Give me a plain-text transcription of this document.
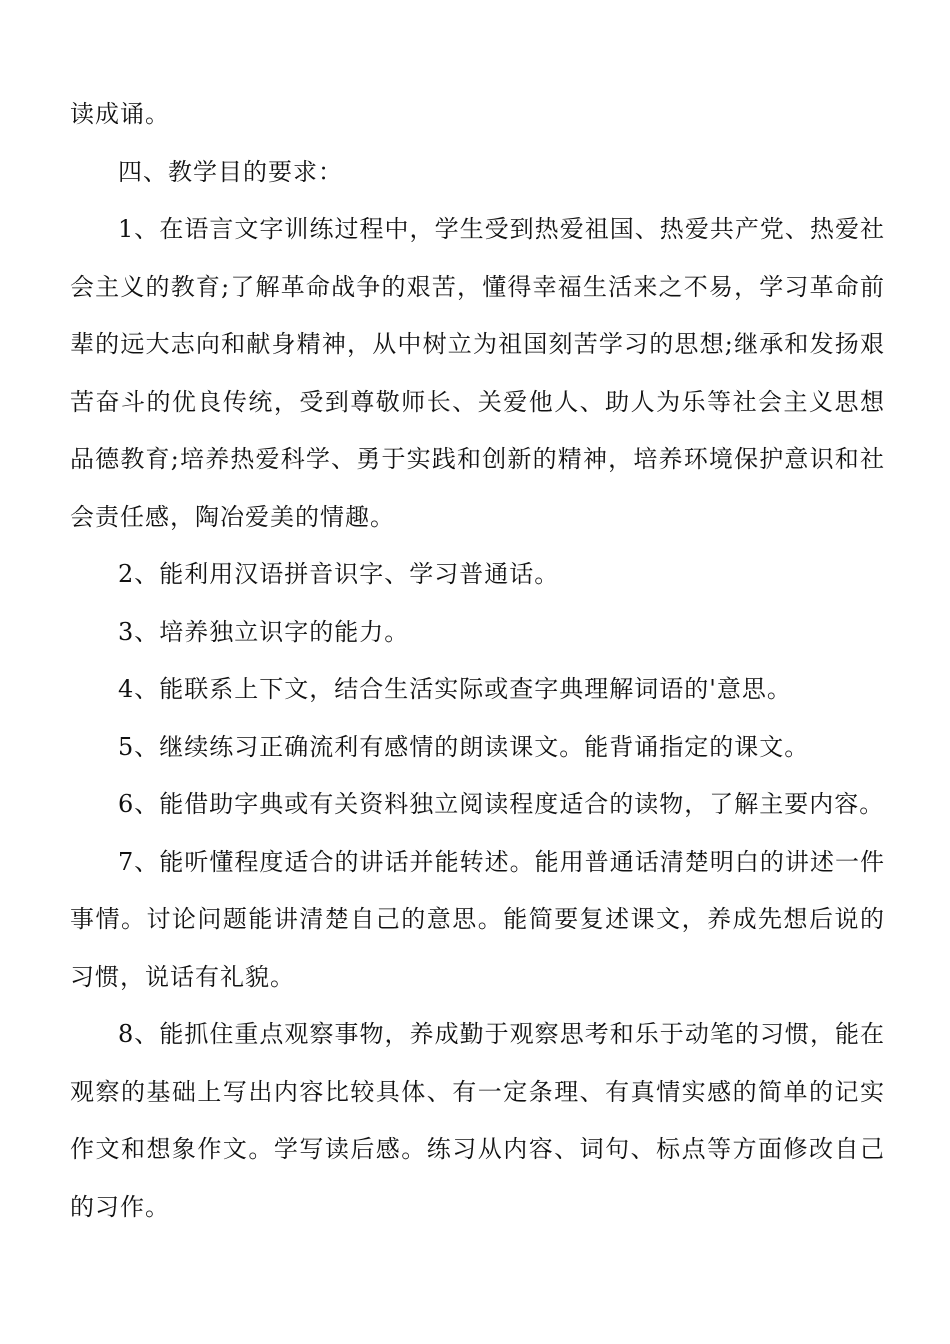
读成诵。

四、教学目的要求：

1、在语言文字训练过程中，学生受到热爱祖国、热爱共产党、热爱社会主义的教育;了解革命战争的艰苦，懂得幸福生活来之不易，学习革命前辈的远大志向和献身精神，从中树立为祖国刻苦学习的思想;继承和发扬艰苦奋斗的优良传统，受到尊敬师长、关爱他人、助人为乐等社会主义思想品德教育;培养热爱科学、勇于实践和创新的精神，培养环境保护意识和社会责任感，陶冶爱美的情趣。

2、能利用汉语拼音识字、学习普通话。

3、培养独立识字的能力。

4、能联系上下文，结合生活实际或查字典理解词语的'意思。

5、继续练习正确流利有感情的朗读课文。能背诵指定的课文。

6、能借助字典或有关资料独立阅读程度适合的读物，了解主要内容。

7、能听懂程度适合的讲话并能转述。能用普通话清楚明白的讲述一件事情。讨论问题能讲清楚自己的意思。能简要复述课文，养成先想后说的习惯，说话有礼貌。

8、能抓住重点观察事物，养成勤于观察思考和乐于动笔的习惯，能在观察的基础上写出内容比较具体、有一定条理、有真情实感的简单的记实作文和想象作文。学写读后感。练习从内容、词句、标点等方面修改自己的习作。
